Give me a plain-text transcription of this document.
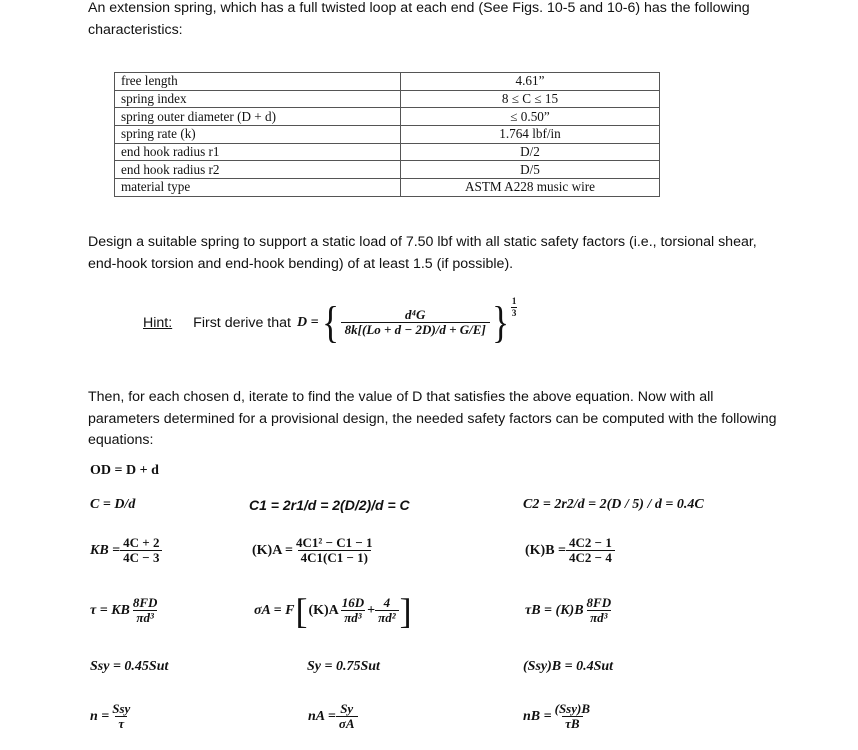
An extension spring, which has a full twisted loop at each end (See Figs. 10-5 and 10-6) has the following characteristics:
free length	4.61”
spring index	8 ≤ C ≤ 15
spring outer diameter (D + d)	≤ 0.50”
spring rate (k)	1.764 lbf/in
end hook radius r1	D/2
end hook radius r2	D/5
material type	ASTM A228 music wire
Design a suitable spring to support a static load of 7.50 lbf with all static safety factors (i.e., torsional shear, end-hook torsion and end-hook bending) of at least 1.5 (if possible).
Hint: First derive that D = { $\frac{\text{d⁴G}}{8k[(Lo + d - 2D)/d + G/E]}$ } $\frac{1}{3}$
Then, for each chosen d, iterate to find the value of D that satisfies the above equation. Now with all parameters determined for a provisional design, the needed safety factors can be computed with the following equations:
OD = D + d
C = D/d	C1 = 2r1/d = 2(D/2)/d = C	C2 = 2r2/d = 2(D / 5) / d = 0.4C
KB = $\frac{4C + 2}{4C - 3}$	$(K)A = \frac{\text{4C1² − C1 − 1}}{4C1(C1 - 1)}$	$(K)B = \frac{4C2 - 1}{4C2 - 4}$
τ = KB $\frac{8FD}{\text{πd³}}$	σA = F [ $(K)A \frac{16D}{\text{πd³}} + \frac{4}{\text{πd²}}$ ]	$\tau B = (K)B \frac{8FD}{\text{πd³}}$
Ssy = 0.45Sut	Sy = 0.75Sut	(Ssy)B = 0.4Sut
$n = \frac{\text{Ssy}}{\tau}$	nA = $\frac{Sy}{\sigma A}$	nB = $\frac{\text{(Ssy)B}}{\tau B}$
